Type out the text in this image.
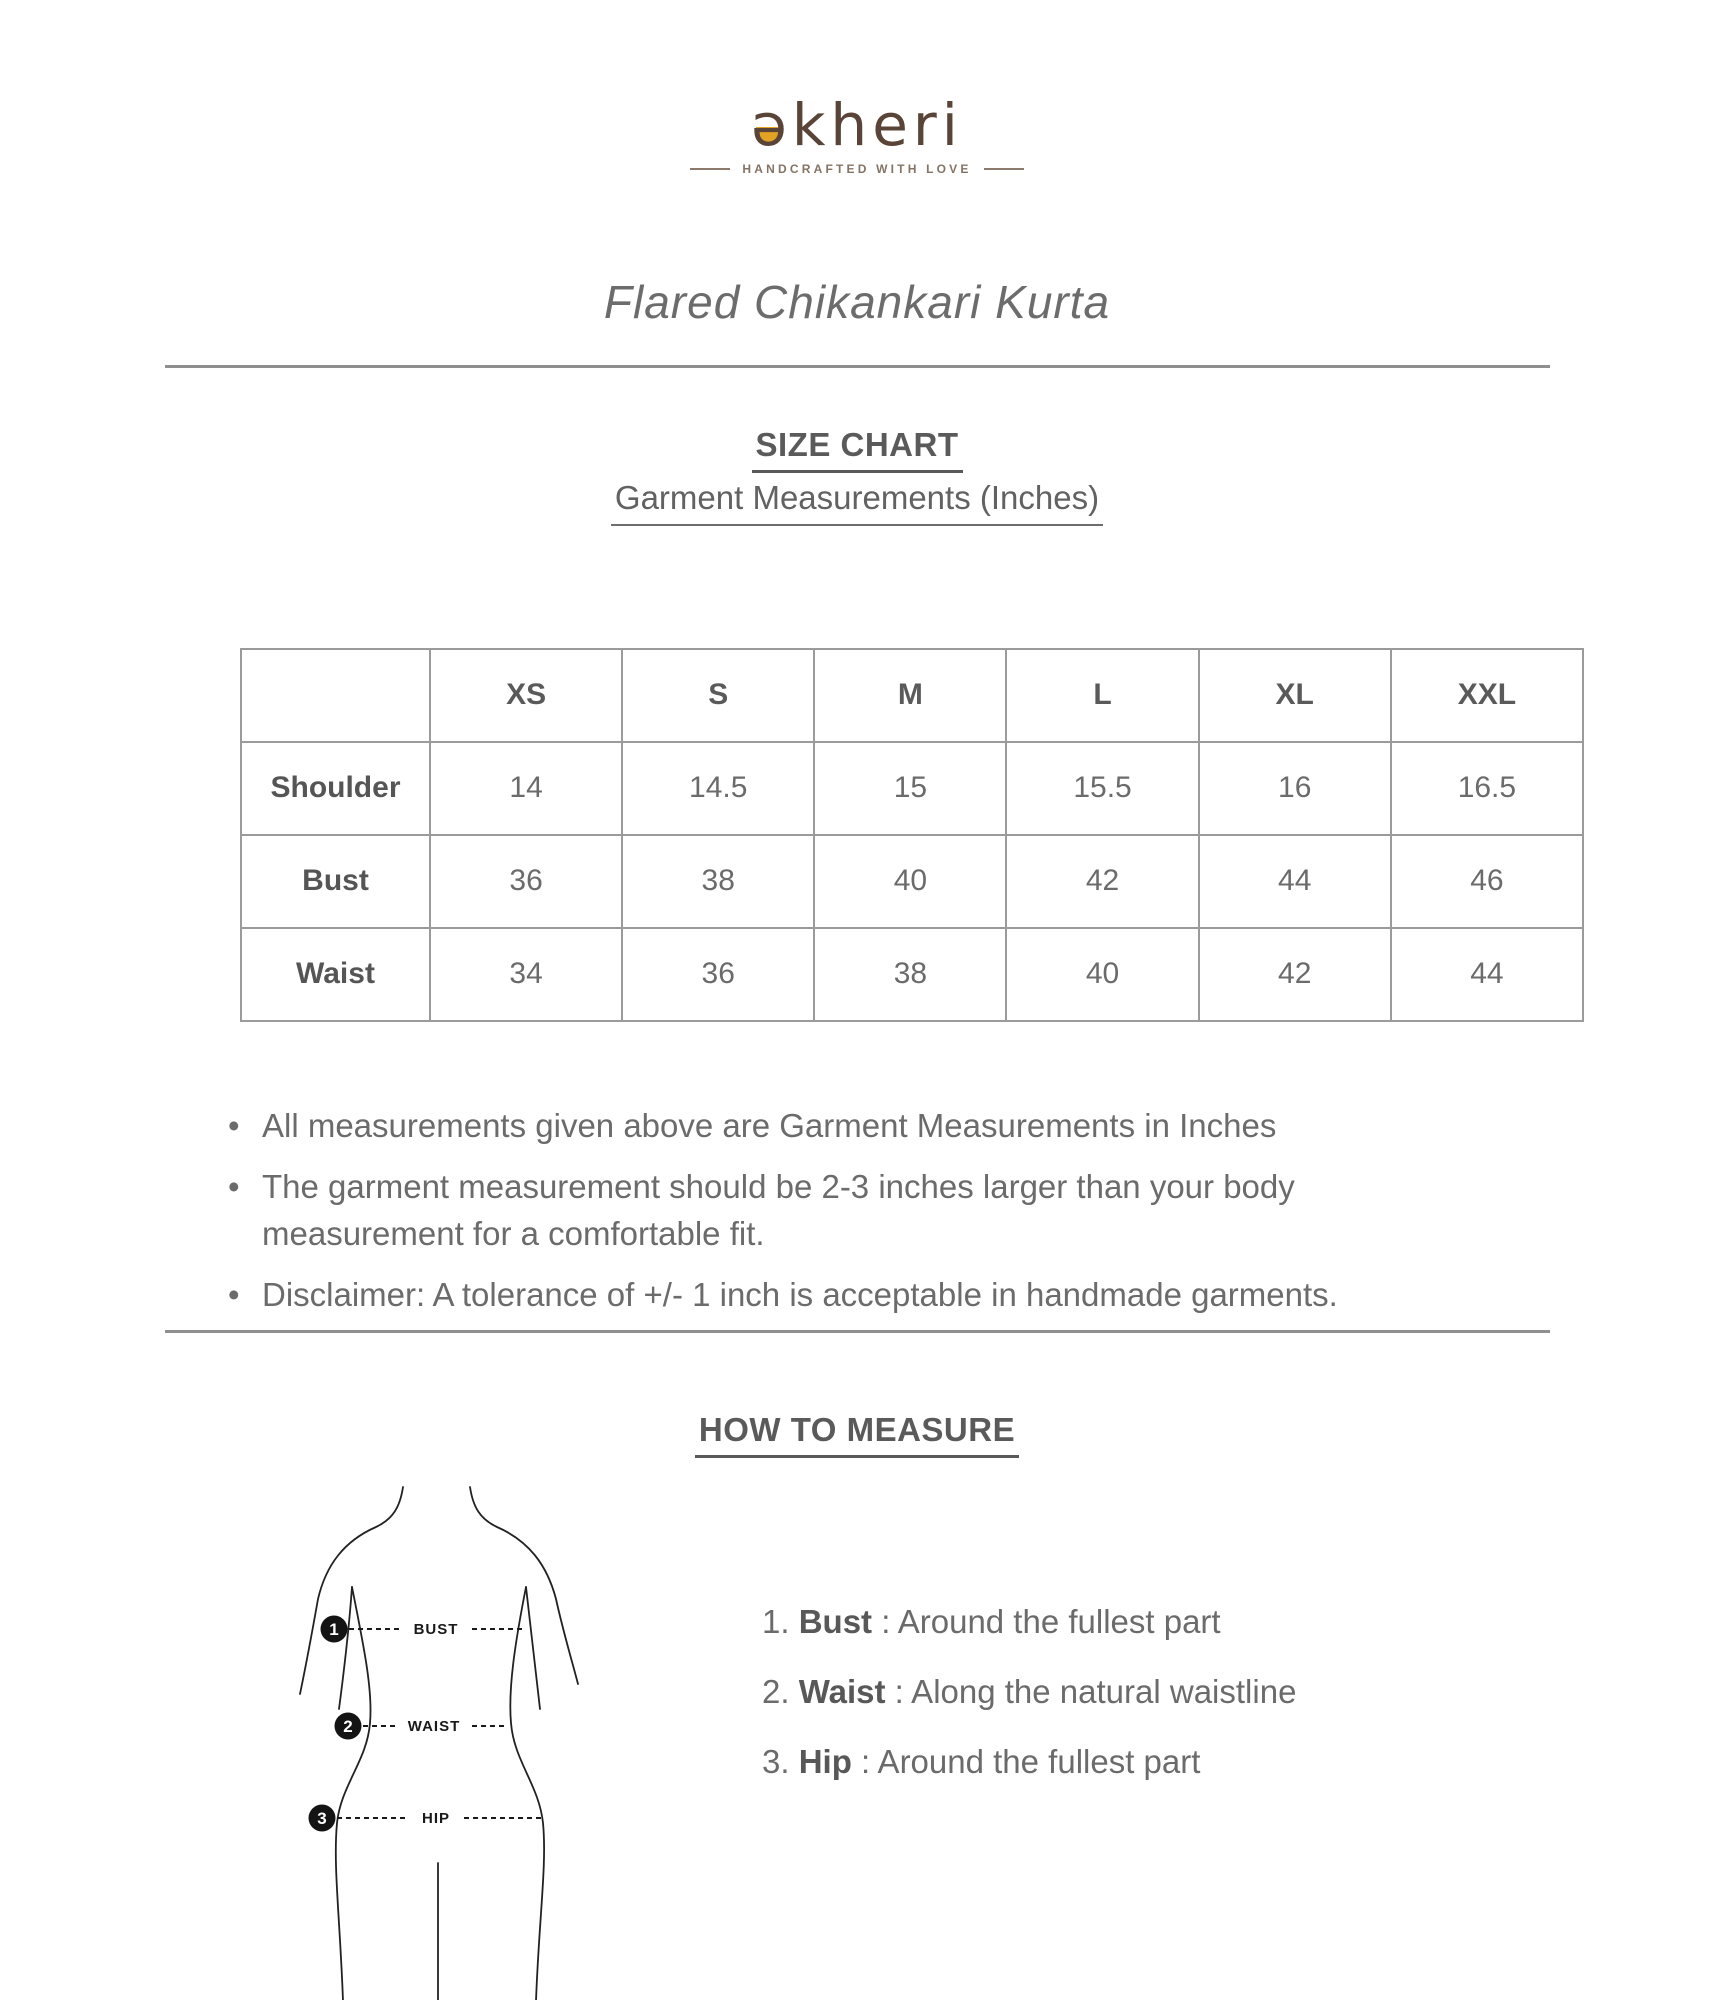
əkheri
HANDCRAFTED WITH LOVE
Flared Chikankari Kurta
SIZE CHART
Garment Measurements (Inches)
	XS	S	M	L	XL	XXL
Shoulder	14	14.5	15	15.5	16	16.5
Bust	36	38	40	42	44	46
Waist	34	36	38	40	42	44
• All measurements given above are Garment Measurements in Inches
• The garment measurement should be 2-3 inches larger than your body measurement for a comfortable fit.
• Disclaimer: A tolerance of +/- 1 inch is acceptable in handmade garments.
HOW TO MEASURE
1	BUST
2	WAIST
3	HIP
1. Bust : Around the fullest part
2. Waist : Along the natural waistline
3. Hip : Around the fullest part
